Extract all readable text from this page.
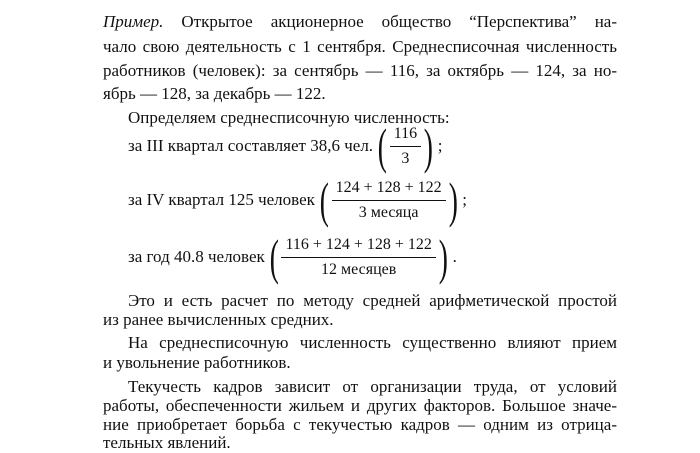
Пример. Открытое акционерное общество “Перспектива” на-
чало свою деятельность с 1 сентября. Среднесписочная численность
работников (человек): за сентябрь — 116, за октябрь — 124, за но-
ябрь — 128, за декабрь — 122.
Определяем среднесписочную численность:
за III квартал составляет 38,6 чел. ( $\frac{116}{3}$ ) ;
за IV квартал 125 человек ( $\frac{124 + 128 + 122}{\text{3 месяца}}$ ) ;
за год 40.8 человек ( $\frac{116 + 124 + 128 + 122}{\text{12 месяцев}}$ ) .
Это и есть расчет по методу средней арифметической простой
из ранее вычисленных средних.
На среднесписочную численность существенно влияют прием
и увольнение работников.
Текучесть кадров зависит от организации труда, от условий
работы, обеспеченности жильем и других факторов. Большое значе-
ние приобретает борьба с текучестью кадров — одним из отрица-
тельных явлений.
